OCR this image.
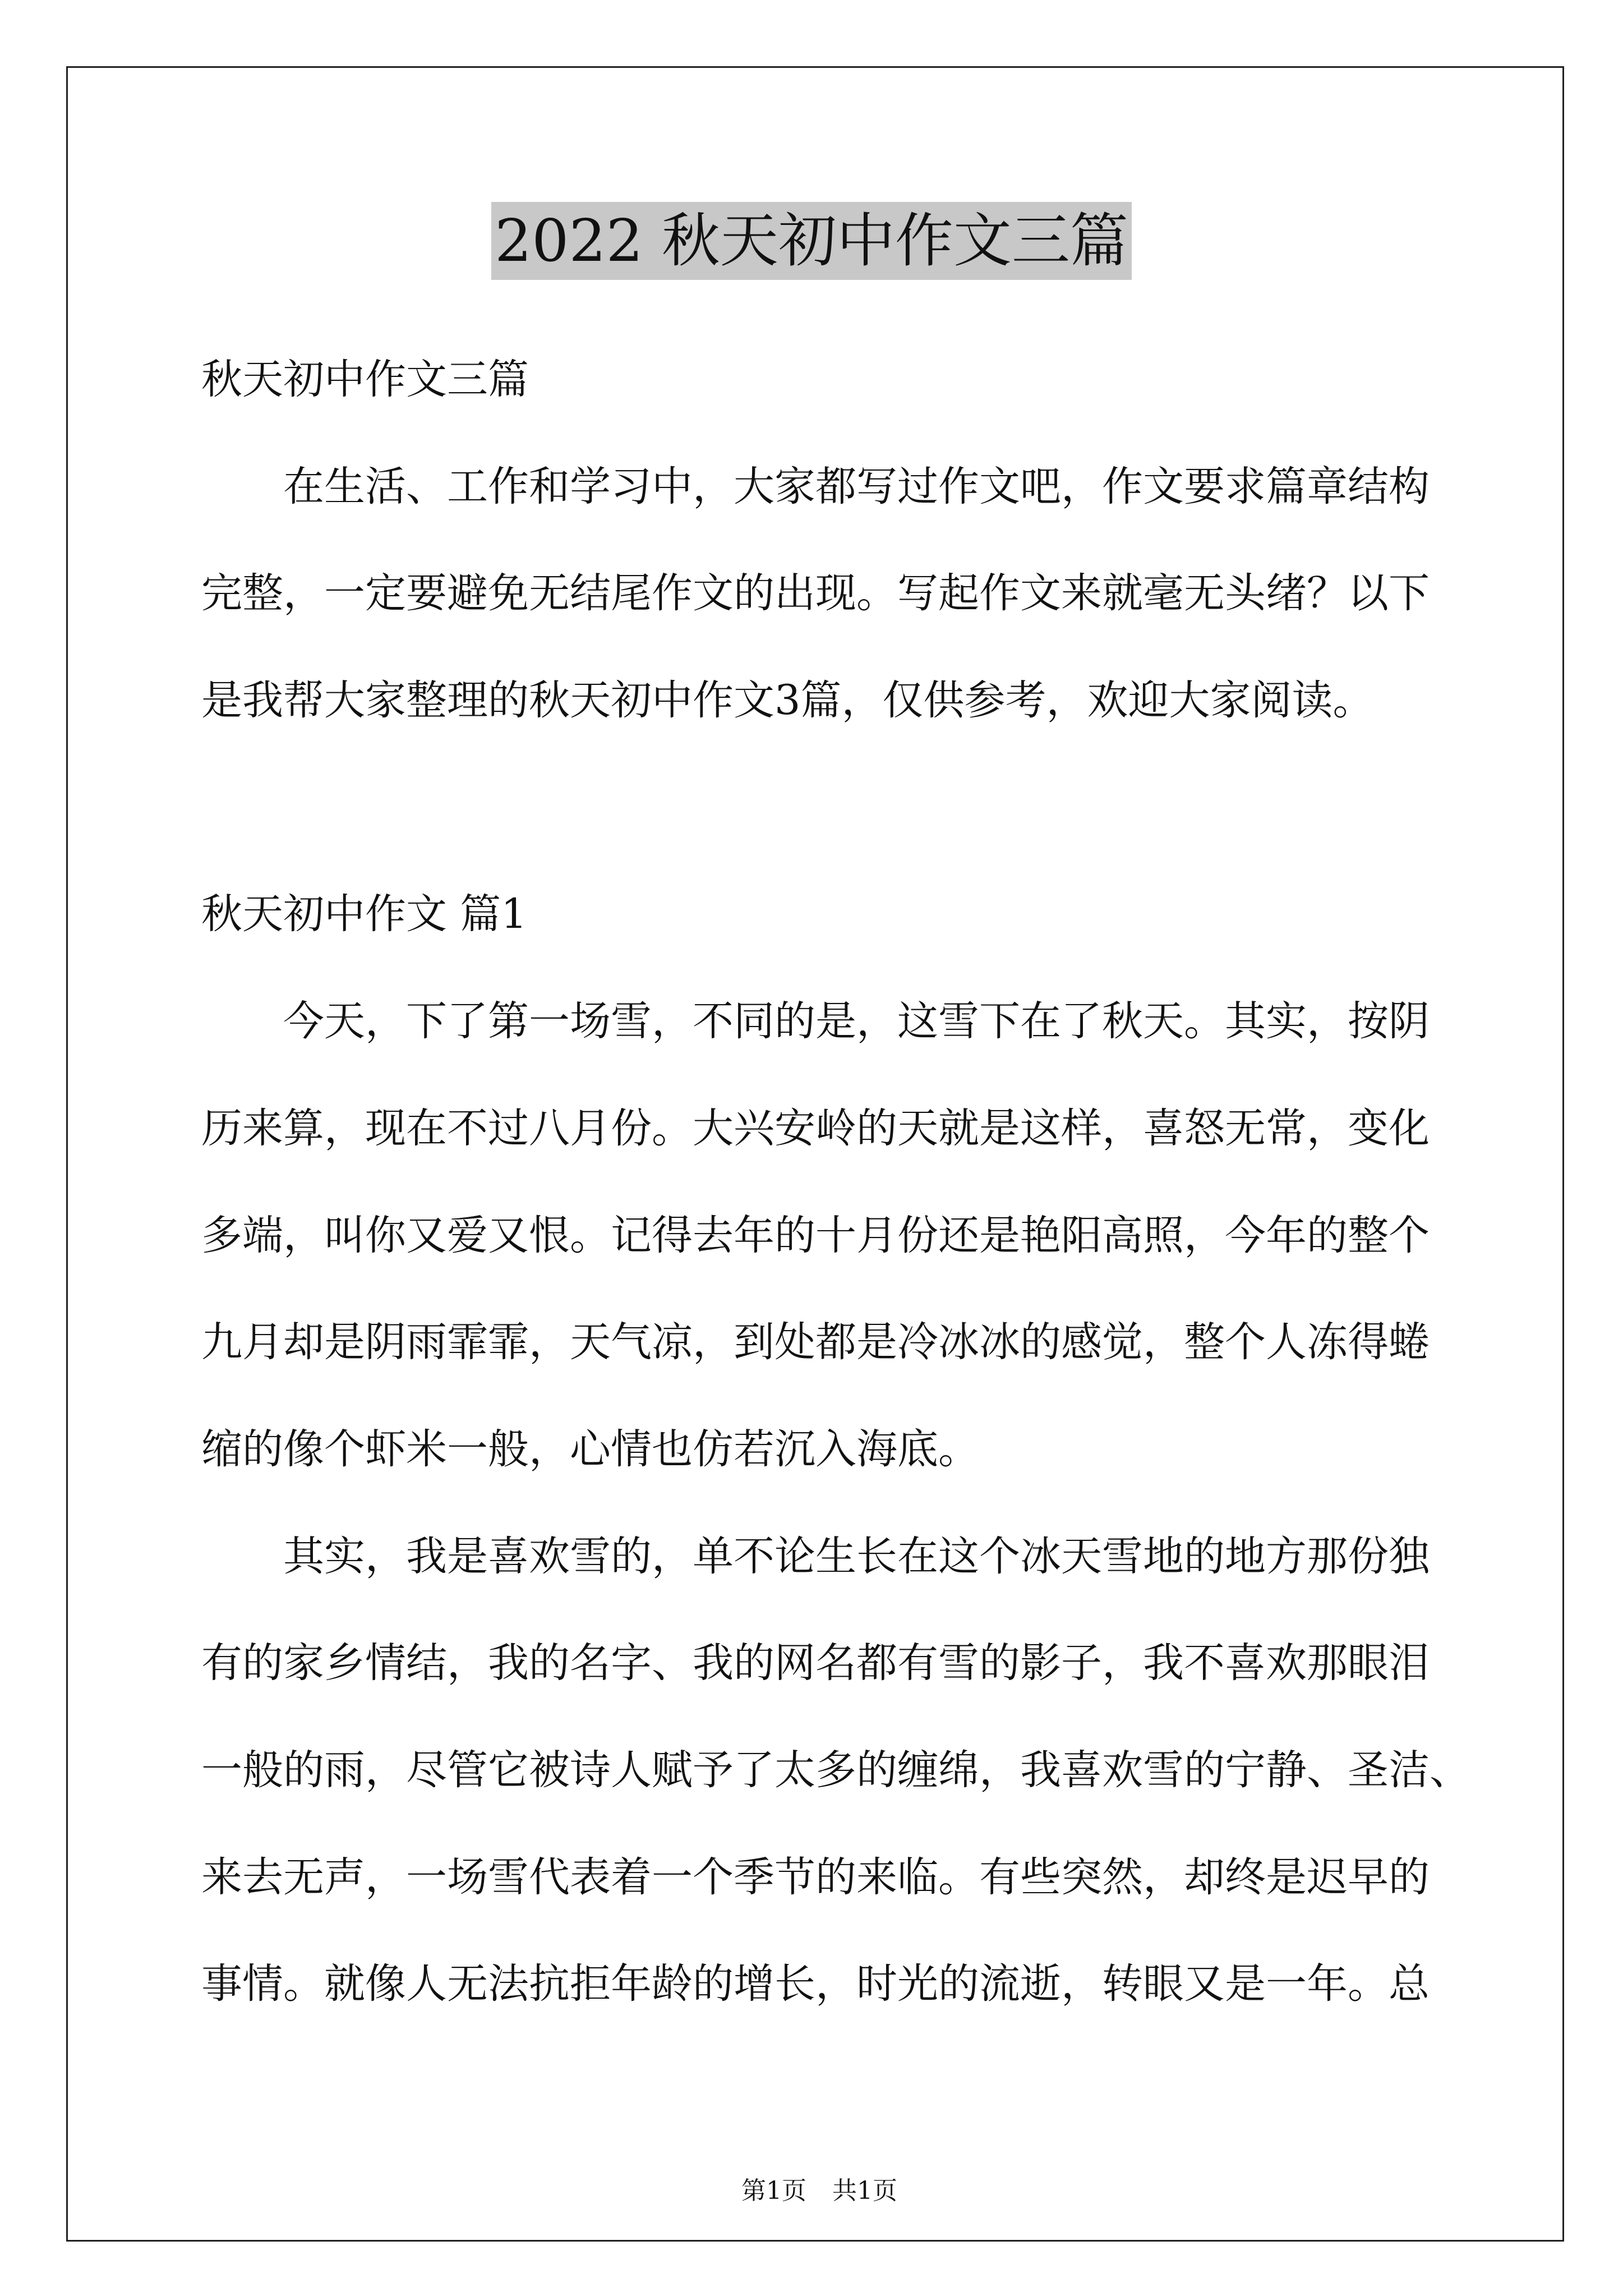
2022 秋天初中作文三篇
秋天初中作文三篇
在生活、工作和学习中，大家都写过作文吧，作文要求篇章结构
完整，一定要避免无结尾作文的出现。写起作文来就毫无头绪？以下
是我帮大家整理的秋天初中作文3篇，仅供参考，欢迎大家阅读。
秋天初中作文 篇1
今天，下了第一场雪，不同的是，这雪下在了秋天。其实，按阴
历来算，现在不过八月份。大兴安岭的天就是这样，喜怒无常，变化
多端，叫你又爱又恨。记得去年的十月份还是艳阳高照，今年的整个
九月却是阴雨霏霏，天气凉，到处都是冷冰冰的感觉，整个人冻得蜷
缩的像个虾米一般，心情也仿若沉入海底。
其实，我是喜欢雪的，单不论生长在这个冰天雪地的地方那份独
有的家乡情结，我的名字、我的网名都有雪的影子，我不喜欢那眼泪
一般的雨，尽管它被诗人赋予了太多的缠绵，我喜欢雪的宁静、圣洁、
来去无声，一场雪代表着一个季节的来临。有些突然，却终是迟早的
事情。就像人无法抗拒年龄的增长，时光的流逝，转眼又是一年。总

第1页 共1页
